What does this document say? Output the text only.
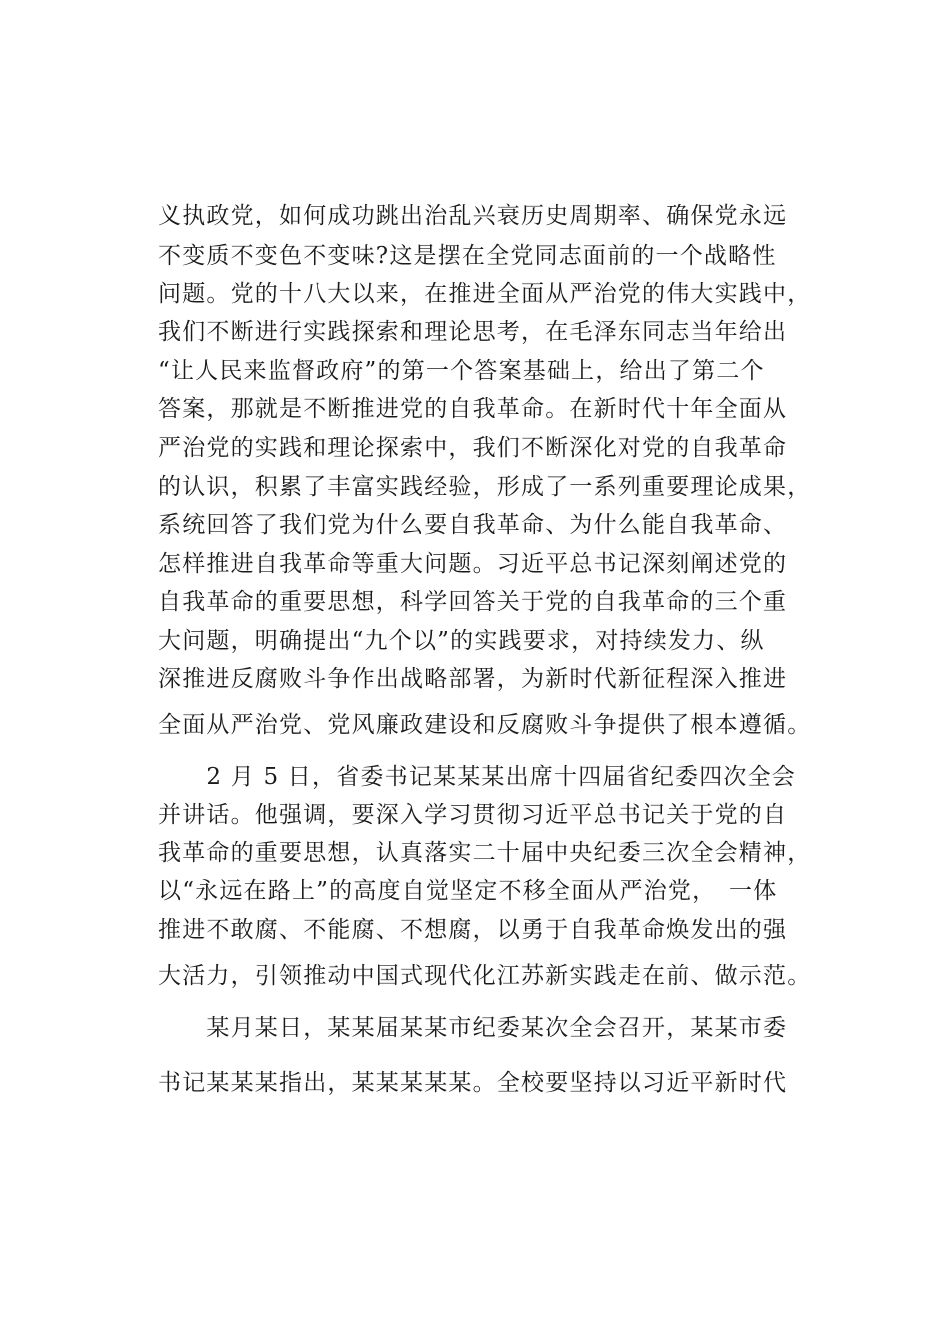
义执政党，如何成功跳出治乱兴衰历史周期率、确保党永远
不变质不变色不变味?这是摆在全党同志面前的一个战略性
问题。党的十八大以来，在推进全面从严治党的伟大实践中，
我们不断进行实践探索和理论思考，在毛泽东同志当年给出
“让人民来监督政府”的第一个答案基础上，给出了第二个
答案，那就是不断推进党的自我革命。在新时代十年全面从
严治党的实践和理论探索中，我们不断深化对党的自我革命
的认识，积累了丰富实践经验，形成了一系列重要理论成果，
系统回答了我们党为什么要自我革命、为什么能自我革命、
怎样推进自我革命等重大问题。习近平总书记深刻阐述党的
自我革命的重要思想，科学回答关于党的自我革命的三个重
大问题，明确提出“九个以”的实践要求，对持续发力、纵
深推进反腐败斗争作出战略部署，为新时代新征程深入推进
全面从严治党、党风廉政建设和反腐败斗争提供了根本遵循。
　　2 月 5 日，省委书记某某某出席十四届省纪委四次全会
并讲话。他强调，要深入学习贯彻习近平总书记关于党的自
我革命的重要思想，认真落实二十届中央纪委三次全会精神，
以“永远在路上”的高度自觉坚定不移全面从严治党，　一体
推进不敢腐、不能腐、不想腐，以勇于自我革命焕发出的强
大活力，引领推动中国式现代化江苏新实践走在前、做示范。
　　某月某日，某某届某某市纪委某次全会召开，某某市委
书记某某某指出，某某某某某。全校要坚持以习近平新时代
